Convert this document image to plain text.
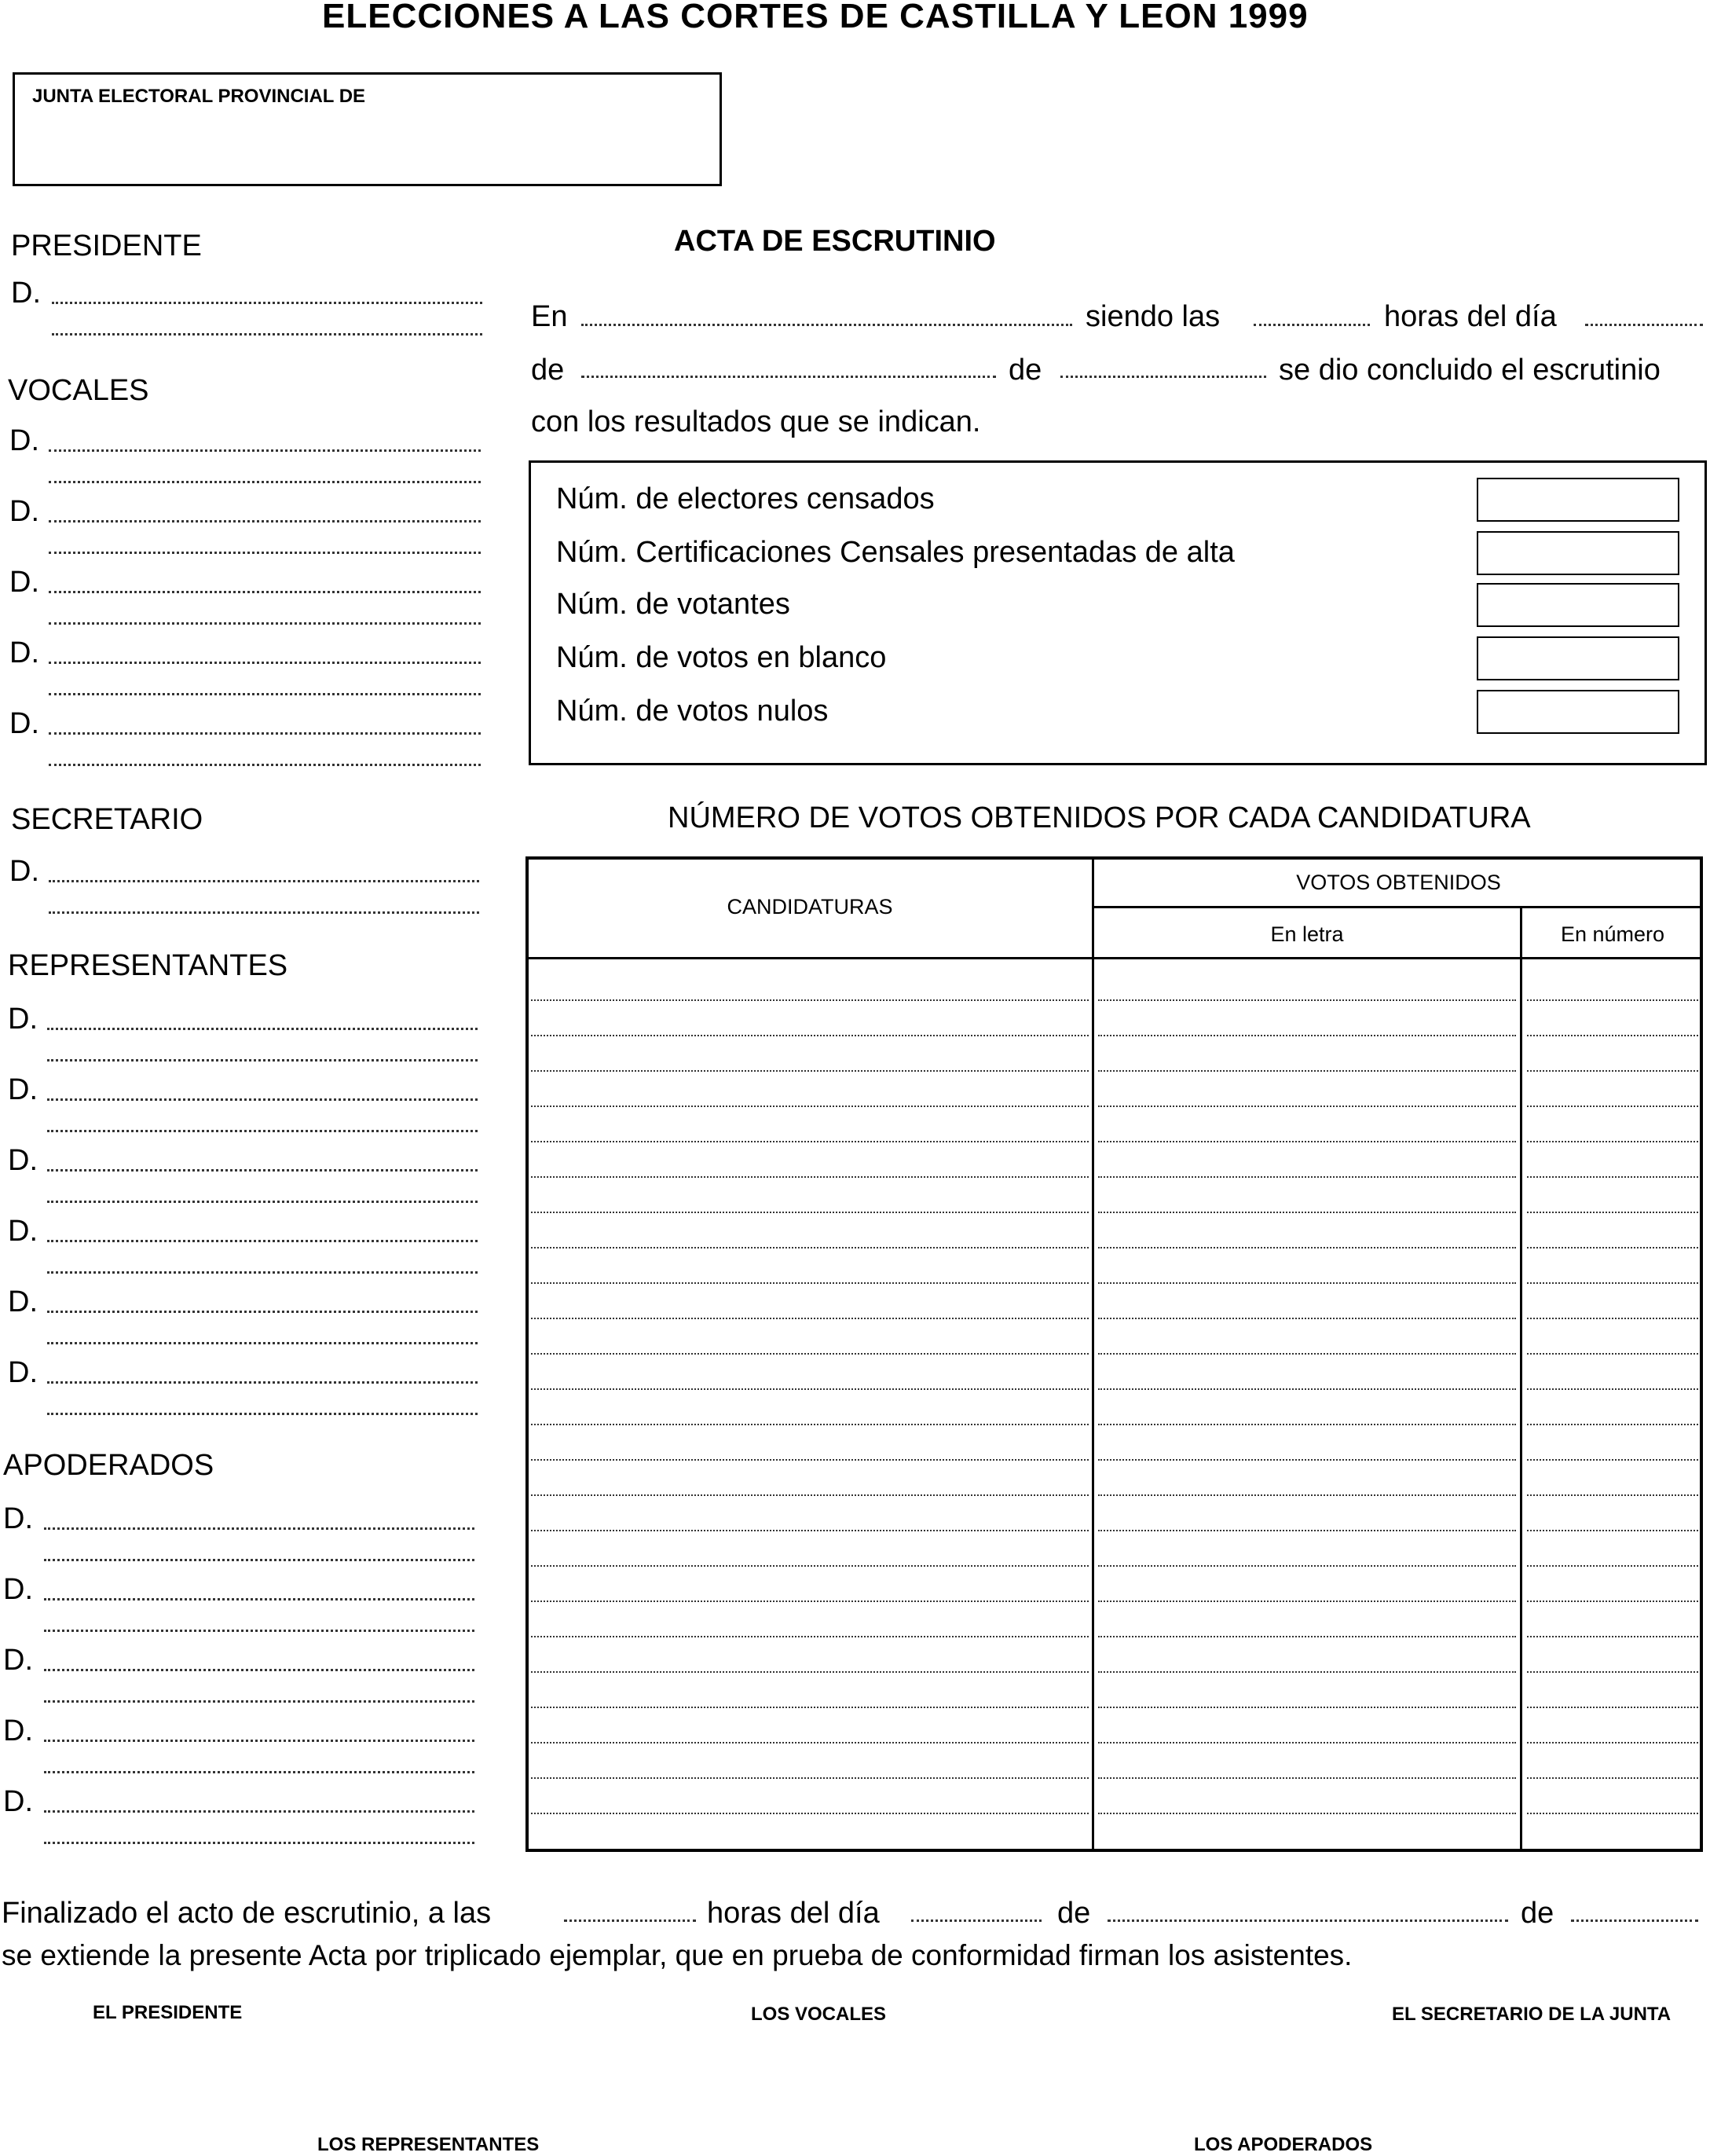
ELECCIONES A LAS CORTES DE CASTILLA Y LEON 1999
JUNTA ELECTORAL PROVINCIAL DE
PRESIDENTE
D.
VOCALES
D.
D.
D.
D.
D.
SECRETARIO
D.
REPRESENTANTES
D.
D.
D.
D.
D.
D.
APODERADOS
D.
D.
D.
D.
D.
ACTA DE ESCRUTINIO
En	siendo las	horas del día
de	de	se dio concluido el escrutinio
con los resultados que se indican.
Núm. de electores censados
Núm. Certificaciones Censales presentadas de alta
Núm. de votantes
Núm. de votos en blanco
Núm. de votos nulos
NÚMERO DE VOTOS OBTENIDOS POR CADA CANDIDATURA
CANDIDATURAS
VOTOS OBTENIDOS
En letra	En número
Finalizado el acto de escrutinio, a las	horas del día	de	de
se extiende la presente Acta por triplicado ejemplar, que en prueba de conformidad firman los asistentes.
EL PRESIDENTE	LOS VOCALES	EL SECRETARIO DE LA JUNTA
LOS REPRESENTANTES	LOS APODERADOS
